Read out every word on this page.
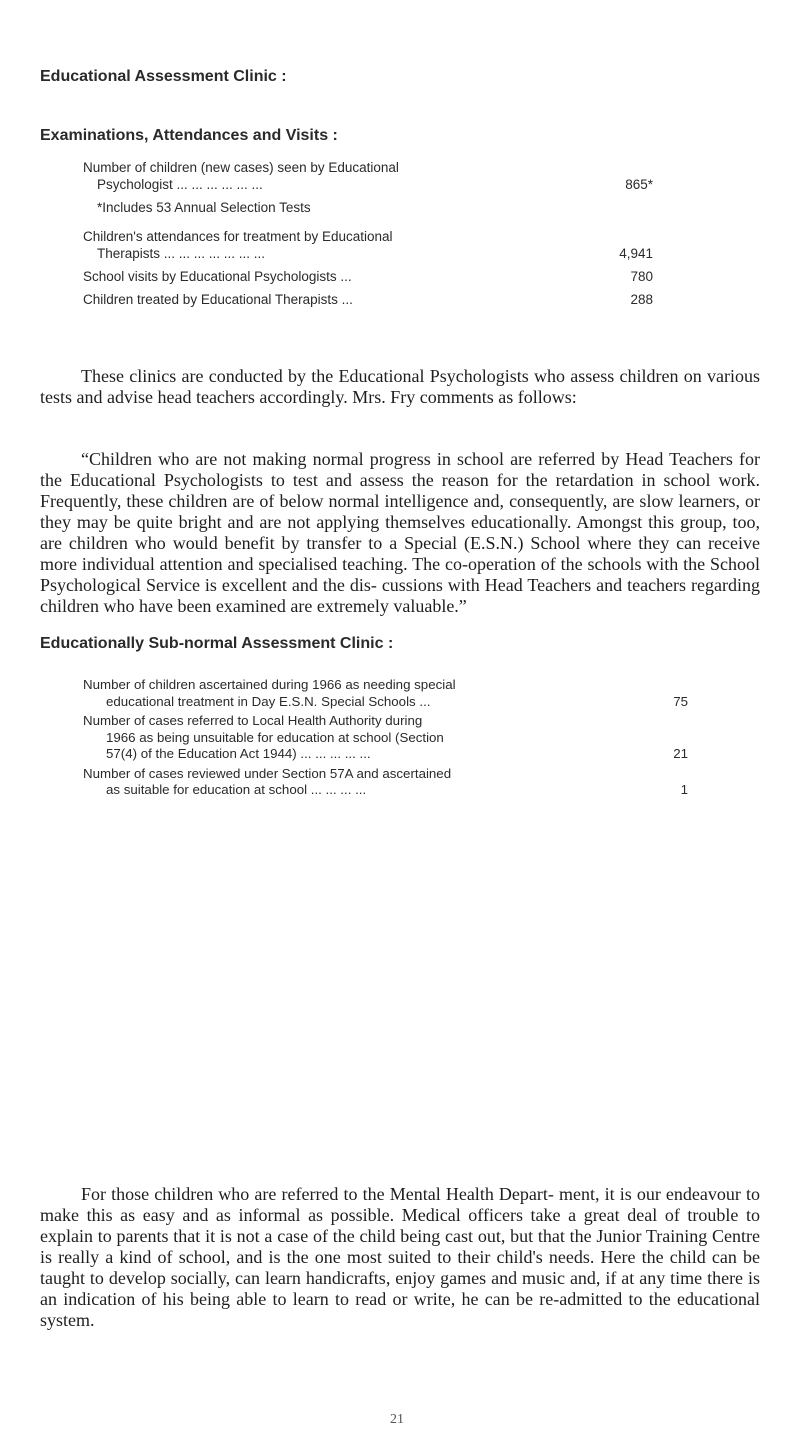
Educational Assessment Clinic :
Examinations, Attendances and Visits :
Number of children (new cases) seen by Educational
Psychologist ... ... ... ... ... ...	865*
*Includes 53 Annual Selection Tests
Children's attendances for treatment by Educational
Therapists ... ... ... ... ... ... ...	4,941
School visits by Educational Psychologists ...	780
Children treated by Educational Therapists ...	288

These clinics are conducted by the Educational Psychologists who assess children on various tests and advise head teachers accordingly. Mrs. Fry comments as follows:

“Children who are not making normal progress in school are referred by Head Teachers for the Educational Psychologists to test and assess the reason for the retardation in school work. Frequently, these children are of below normal intelligence and, consequently, are slow learners, or they may be quite bright and are not applying themselves educationally. Amongst this group, too, are children who would benefit by transfer to a Special (E.S.N.) School where they can receive more individual attention and specialised teaching. The co-operation of the schools with the School Psychological Service is excellent and the dis- cussions with Head Teachers and teachers regarding children who have been examined are extremely valuable.”

Educationally Sub-normal Assessment Clinic :
Number of children ascertained during 1966 as needing special
educational treatment in Day E.S.N. Special Schools ...	75
Number of cases referred to Local Health Authority during
1966 as being unsuitable for education at school (Section
57(4) of the Education Act 1944) ... ... ... ... ...	21
Number of cases reviewed under Section 57A and ascertained
as suitable for education at school ... ... ... ...	1

For those children who are referred to the Mental Health Depart- ment, it is our endeavour to make this as easy and as informal as possible. Medical officers take a great deal of trouble to explain to parents that it is not a case of the child being cast out, but that the Junior Training Centre is really a kind of school, and is the one most suited to their child's needs. Here the child can be taught to develop socially, can learn handicrafts, enjoy games and music and, if at any time there is an indication of his being able to learn to read or write, he can be re-admitted to the educational system.

21
